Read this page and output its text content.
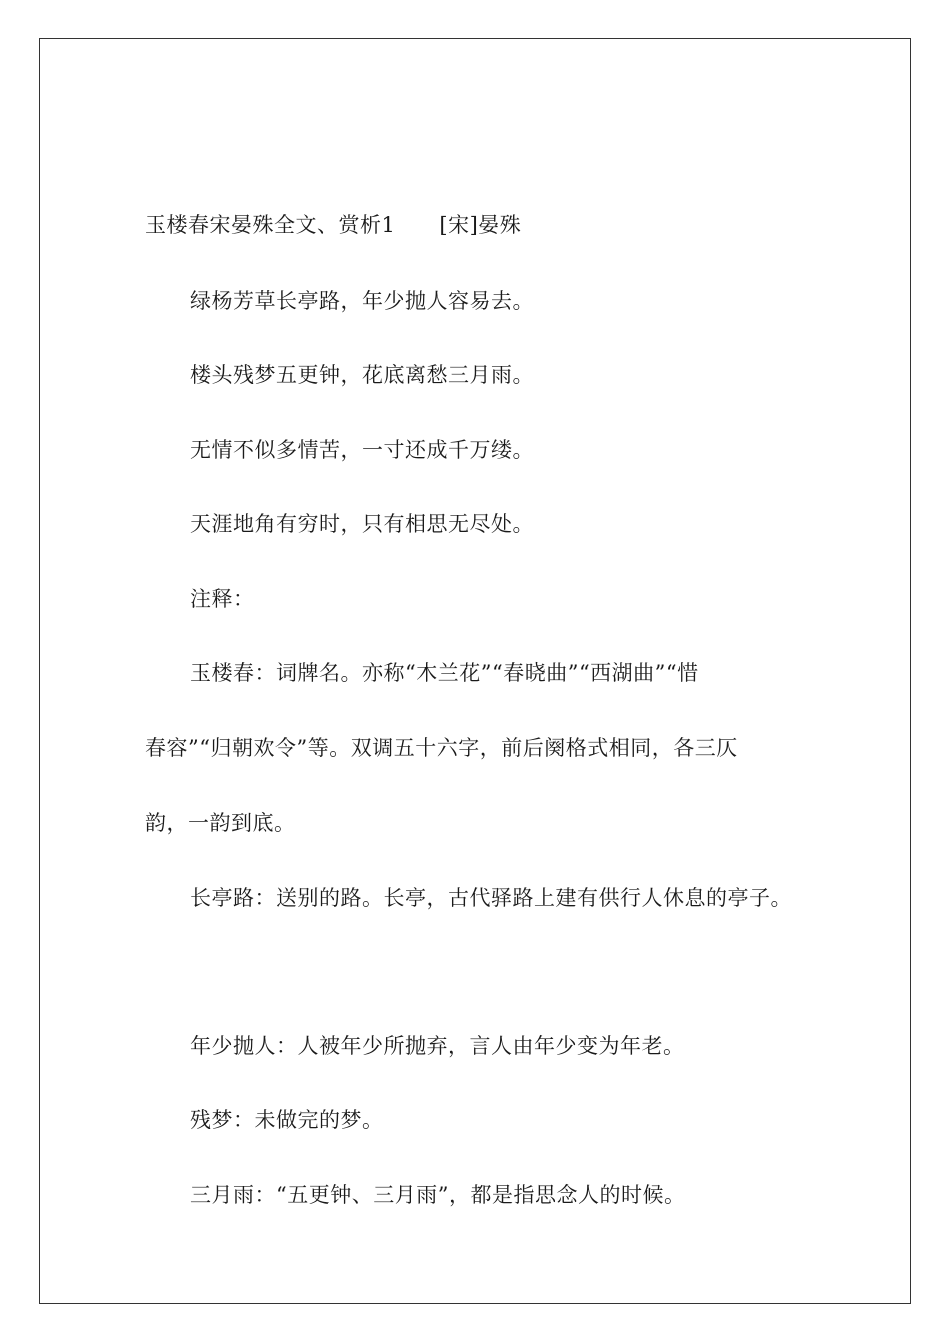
玉楼春宋晏殊全文、赏析1 [宋]晏殊
绿杨芳草长亭路，年少抛人容易去。
楼头残梦五更钟，花底离愁三月雨。
无情不似多情苦，一寸还成千万缕。
天涯地角有穷时，只有相思无尽处。
注释：
玉楼春：词牌名。亦称“木兰花”“春晓曲”“西湖曲”“惜
春容”“归朝欢令”等。双调五十六字，前后阕格式相同，各三仄
韵，一韵到底。
长亭路：送别的路。长亭，古代驿路上建有供行人休息的亭子。
年少抛人：人被年少所抛弃，言人由年少变为年老。
残梦：未做完的梦。
三月雨：“五更钟、三月雨”，都是指思念人的时候。
